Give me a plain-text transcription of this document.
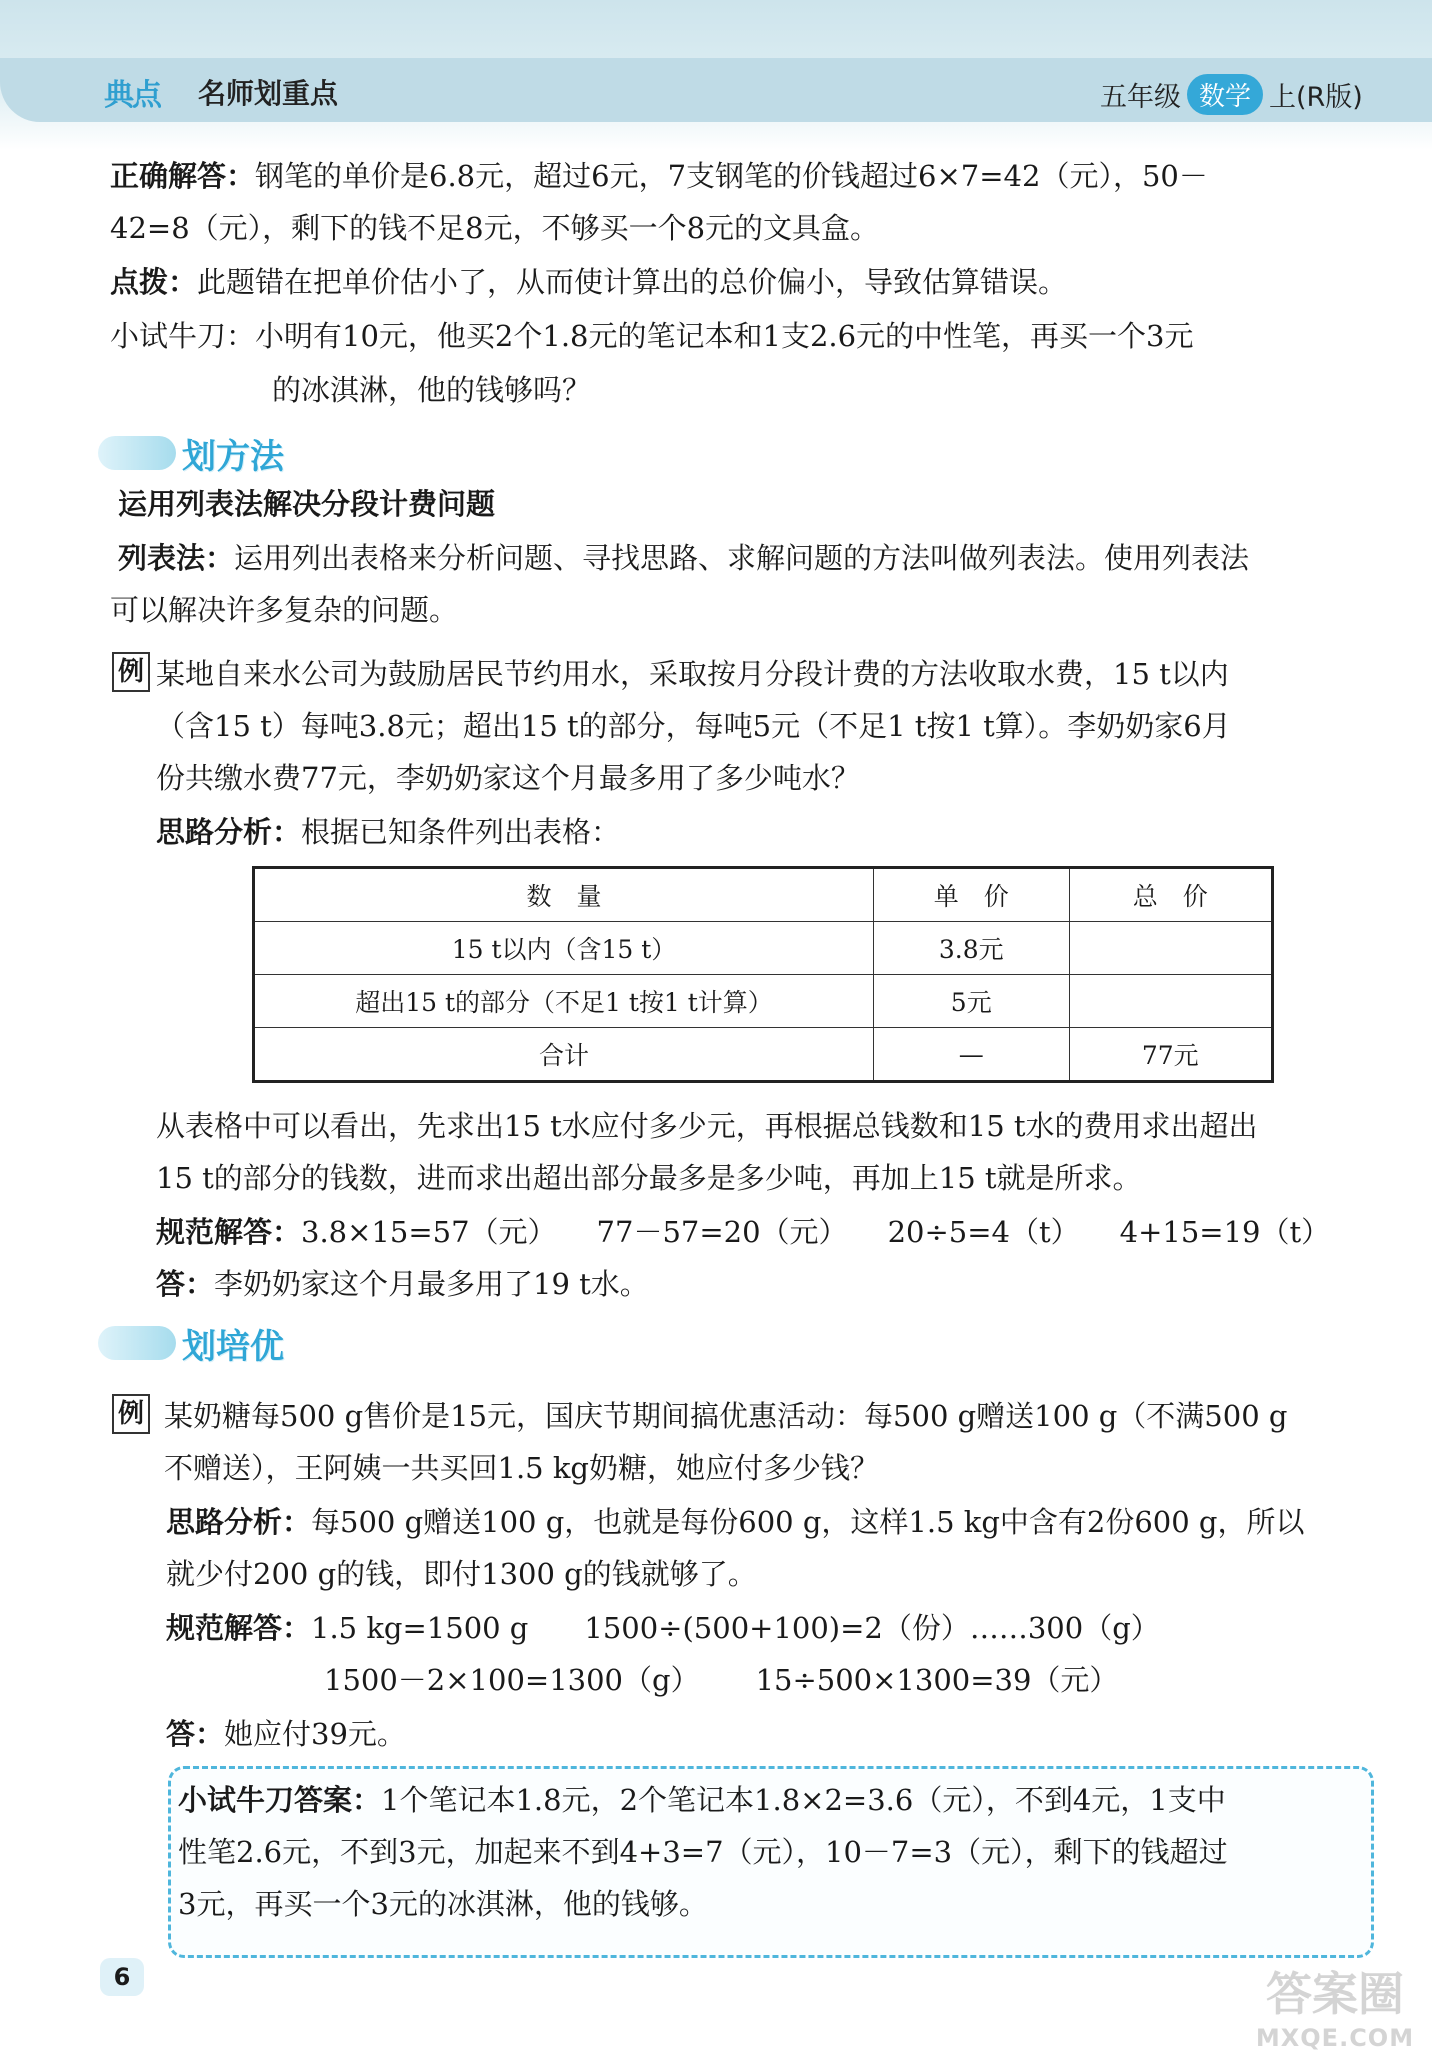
典点 名师划重点	五年级 数学 上(R版)
正确解答：钢笔的单价是6.8元，超过6元，7支钢笔的价钱超过6×7=42（元），50－
42=8（元），剩下的钱不足8元，不够买一个8元的文具盒。
点拨：此题错在把单价估小了，从而使计算出的总价偏小，导致估算错误。
小试牛刀：小明有10元，他买2个1.8元的笔记本和1支2.6元的中性笔，再买一个3元
的冰淇淋，他的钱够吗？
划方法
运用列表法解决分段计费问题
列表法：运用列出表格来分析问题、寻找思路、求解问题的方法叫做列表法。使用列表法
可以解决许多复杂的问题。
例 某地自来水公司为鼓励居民节约用水，采取按月分段计费的方法收取水费，15 t以内
（含15 t）每吨3.8元；超出15 t的部分，每吨5元（不足1 t按1 t算）。李奶奶家6月
份共缴水费77元，李奶奶家这个月最多用了多少吨水？
思路分析：根据已知条件列出表格：
数　量	单　价	总　价
15 t以内（含15 t）	3.8元	
超出15 t的部分（不足1 t按1 t计算）	5元	
合计	—	77元
从表格中可以看出，先求出15 t水应付多少元，再根据总钱数和15 t水的费用求出超出
15 t的部分的钱数，进而求出超出部分最多是多少吨，再加上15 t就是所求。
规范解答：3.8×15=57（元） 77－57=20（元） 20÷5=4（t） 4+15=19（t）
答：李奶奶家这个月最多用了19 t水。
划培优
例 某奶糖每500 g售价是15元，国庆节期间搞优惠活动：每500 g赠送100 g（不满500 g
不赠送），王阿姨一共买回1.5 kg奶糖，她应付多少钱？
思路分析：每500 g赠送100 g，也就是每份600 g，这样1.5 kg中含有2份600 g，所以
就少付200 g的钱，即付1300 g的钱就够了。
规范解答：1.5 kg=1500 g 1500÷(500+100)=2（份）……300（g）
1500－2×100=1300（g） 15÷500×1300=39（元）
答：她应付39元。
小试牛刀答案：1个笔记本1.8元，2个笔记本1.8×2=3.6（元），不到4元，1支中
性笔2.6元，不到3元，加起来不到4+3=7（元），10－7=3（元），剩下的钱超过
3元，再买一个3元的冰淇淋，他的钱够。
6	答案圈
MXQE.COM
